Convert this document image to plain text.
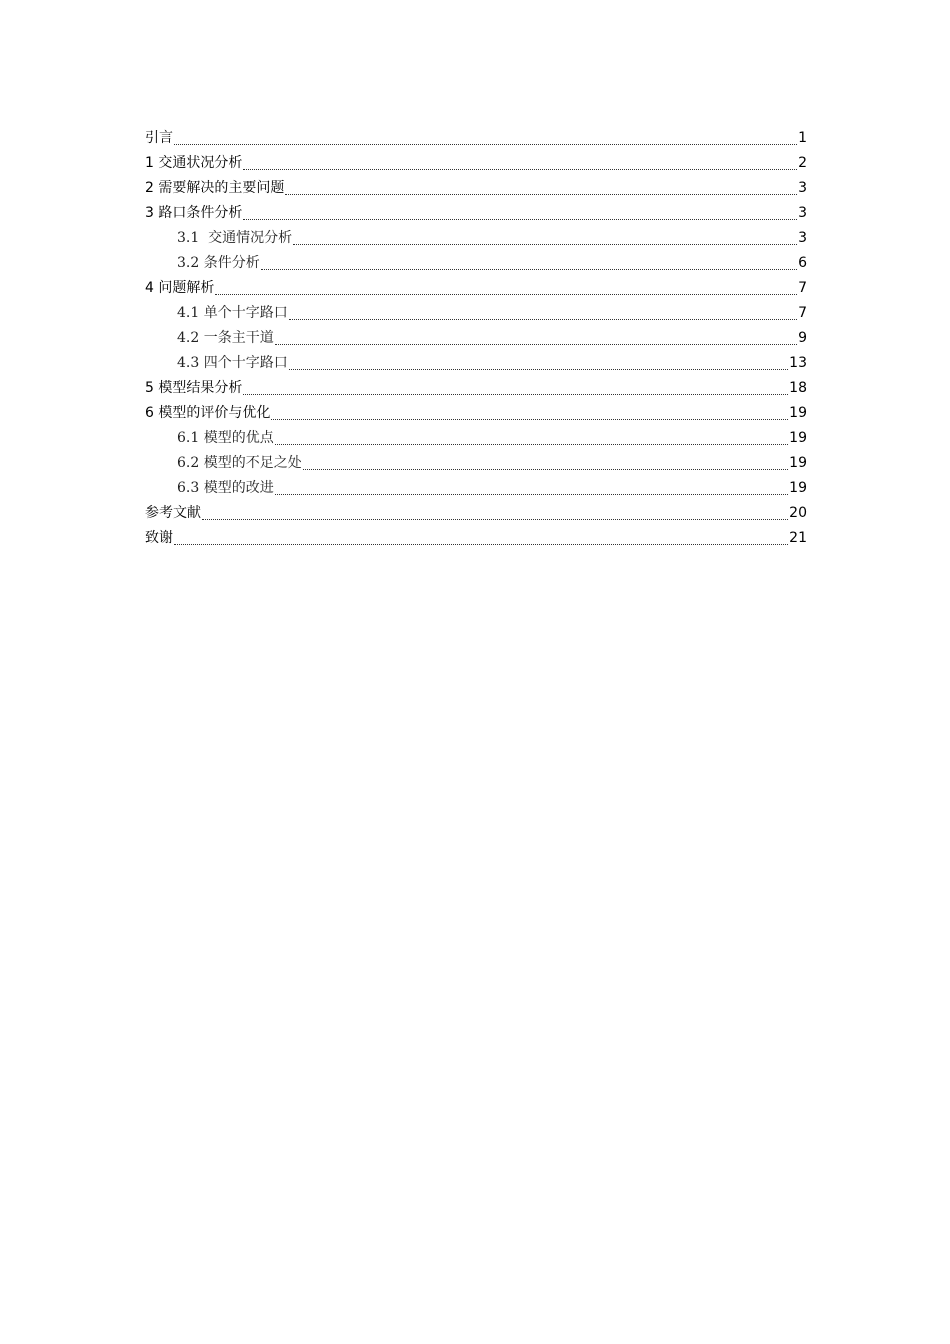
引言	1
1 交通状况分析	2
2 需要解决的主要问题	3
3 路口条件分析	3
3.1  交通情况分析	3
3.2 条件分析	6
4 问题解析	7
4.1 单个十字路口	7
4.2 一条主干道	9
4.3 四个十字路口	13
5 模型结果分析	18
6 模型的评价与优化	19
6.1 模型的优点	19
6.2 模型的不足之处	19
6.3 模型的改进	19
参考文献	20
致谢	21
